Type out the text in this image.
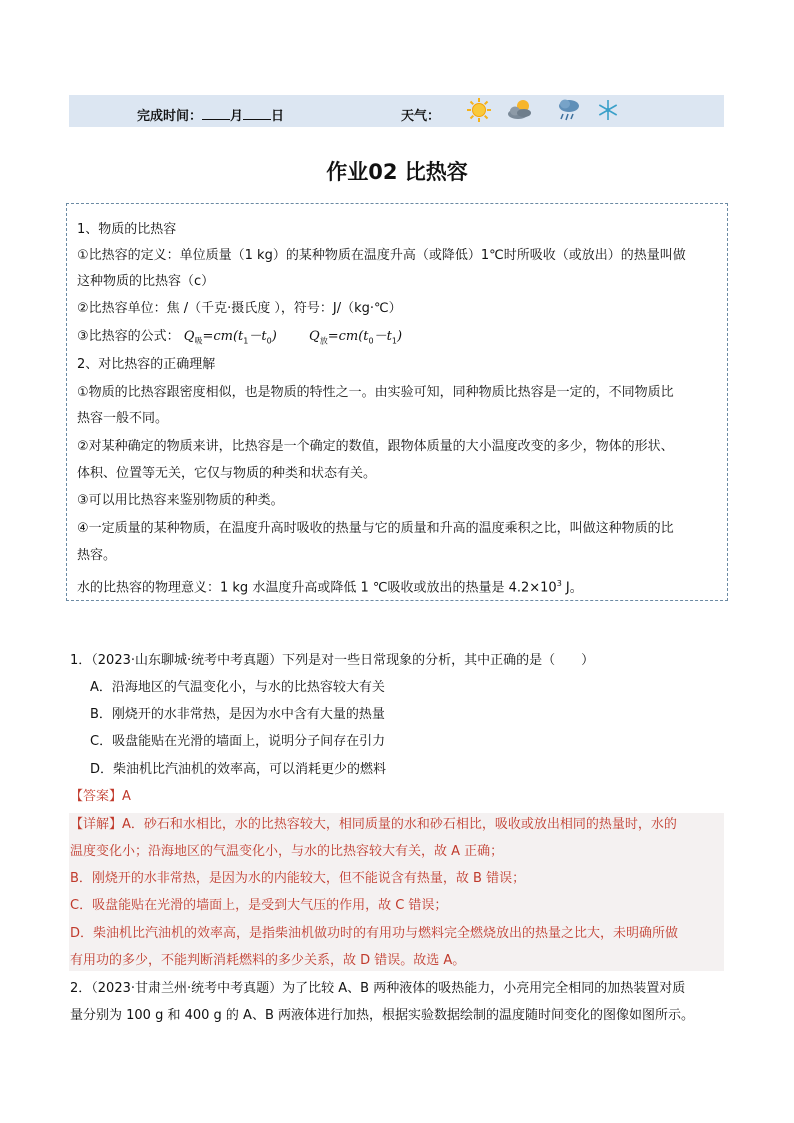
完成时间： 月 日	天气：
作业02 比热容
1、物质的比热容
①比热容的定义：单位质量（1 kg）的某种物质在温度升高（或降低）1℃时所吸收（或放出）的热量叫做
这种物质的比热容（c）
②比热容单位：焦 /（千克·摄氏度 ），符号：J/（kg·℃）
③比热容的公式： $Q_吸=cm(t_1-t_0)$ $Q_放=cm(t_0-t_1)$
2、对比热容的正确理解
①物质的比热容跟密度相似，也是物质的特性之一。由实验可知，同种物质比热容是一定的，不同物质比
热容一般不同。
②对某种确定的物质来讲，比热容是一个确定的数值，跟物体质量的大小温度改变的多少，物体的形状、
体积、位置等无关，它仅与物质的种类和状态有关。
③可以用比热容来鉴别物质的种类。
④一定质量的某种物质，在温度升高时吸收的热量与它的质量和升高的温度乘积之比，叫做这种物质的比
热容。
水的比热容的物理意义：1 kg 水温度升高或降低 1 ℃吸收或放出的热量是 $4.2\times 10^3$ J。
1．（2023·山东聊城·统考中考真题）下列是对一些日常现象的分析，其中正确的是（　　）
A．沿海地区的气温变化小，与水的比热容较大有关
B．刚烧开的水非常热，是因为水中含有大量的热量
C．吸盘能贴在光滑的墙面上，说明分子间存在引力
D．柴油机比汽油机的效率高，可以消耗更少的燃料
【答案】A
【详解】A．砂石和水相比，水的比热容较大，相同质量的水和砂石相比，吸收或放出相同的热量时，水的
温度变化小；沿海地区的气温变化小，与水的比热容较大有关，故 A 正确；
B．刚烧开的水非常热，是因为水的内能较大，但不能说含有热量，故 B 错误；
C．吸盘能贴在光滑的墙面上，是受到大气压的作用，故 C 错误；
D．柴油机比汽油机的效率高，是指柴油机做功时的有用功与燃料完全燃烧放出的热量之比大，未明确所做
有用功的多少，不能判断消耗燃料的多少关系，故 D 错误。故选 A。
2．（2023·甘肃兰州·统考中考真题）为了比较 A、B 两种液体的吸热能力，小亮用完全相同的加热装置对质
量分别为 100 g 和 400 g 的 A、B 两液体进行加热，根据实验数据绘制的温度随时间变化的图像如图所示。
